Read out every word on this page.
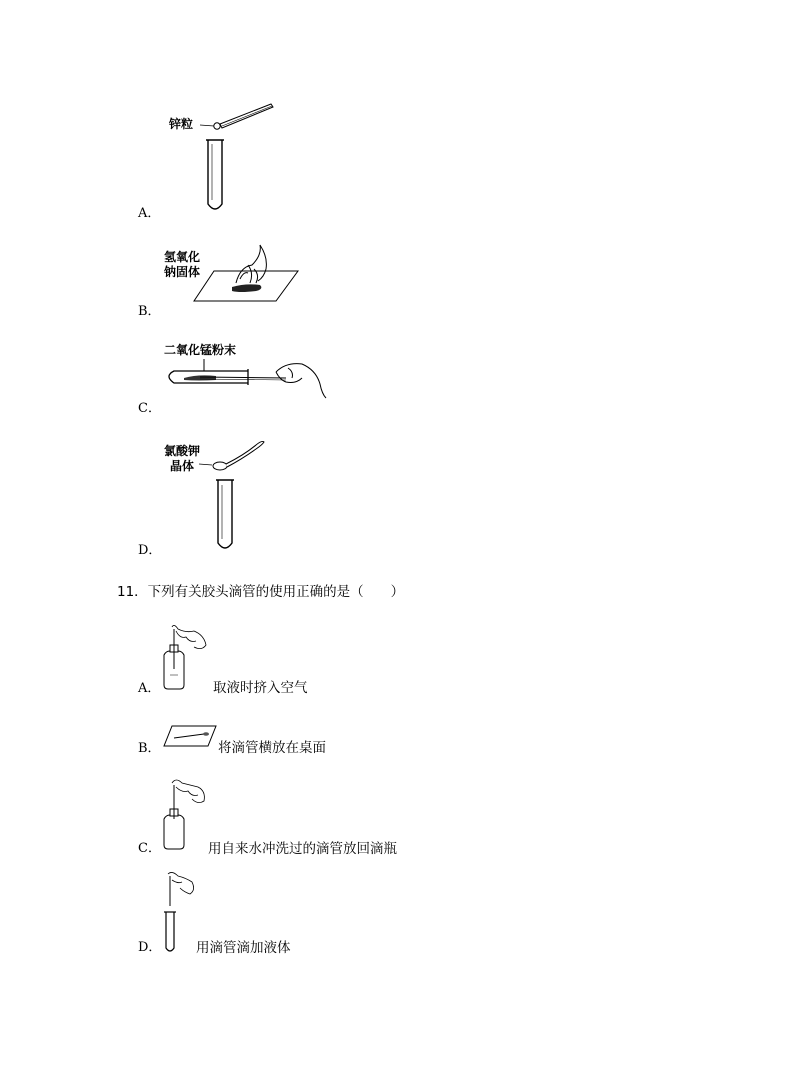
A．
锌粒
B．
氢氧化
钠固体
C．
二氧化锰粉末
D．
氯酸钾
晶体
11．下列有关胶头滴管的使用正确的是（　　）
A．	取液时挤入空气
B．	将滴管横放在桌面
C．	用自来水冲洗过的滴管放回滴瓶
D．	用滴管滴加液体
